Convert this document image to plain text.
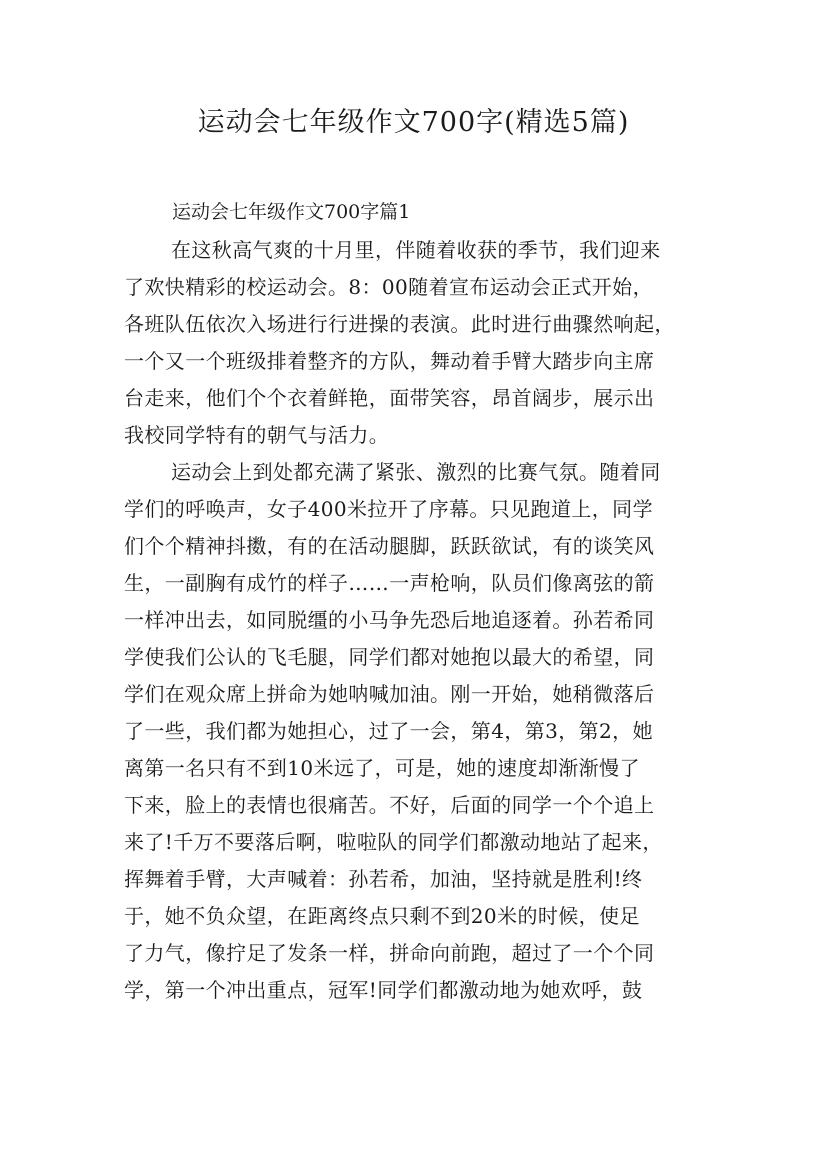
运动会七年级作文700字(精选5篇)

运动会七年级作文700字篇1

在这秋高气爽的十月里，伴随着收获的季节，我们迎来
了欢快精彩的校运动会。8：00随着宣布运动会正式开始，
各班队伍依次入场进行行进操的表演。此时进行曲骤然响起，
一个又一个班级排着整齐的方队，舞动着手臂大踏步向主席
台走来，他们个个衣着鲜艳，面带笑容，昂首阔步，展示出
我校同学特有的朝气与活力。
运动会上到处都充满了紧张、激烈的比赛气氛。随着同
学们的呼唤声，女子400米拉开了序幕。只见跑道上，同学
们个个精神抖擞，有的在活动腿脚，跃跃欲试，有的谈笑风
生，一副胸有成竹的样子……一声枪响，队员们像离弦的箭
一样冲出去，如同脱缰的小马争先恐后地追逐着。孙若希同
学使我们公认的飞毛腿，同学们都对她抱以最大的希望，同
学们在观众席上拼命为她呐喊加油。刚一开始，她稍微落后
了一些，我们都为她担心，过了一会，第4，第3，第2，她
离第一名只有不到10米远了，可是，她的速度却渐渐慢了
下来，脸上的表情也很痛苦。不好，后面的同学一个个追上
来了!千万不要落后啊，啦啦队的同学们都激动地站了起来，
挥舞着手臂，大声喊着：孙若希，加油，坚持就是胜利!终
于，她不负众望，在距离终点只剩不到20米的时候，使足
了力气，像拧足了发条一样，拼命向前跑，超过了一个个同
学，第一个冲出重点，冠军!同学们都激动地为她欢呼，鼓
